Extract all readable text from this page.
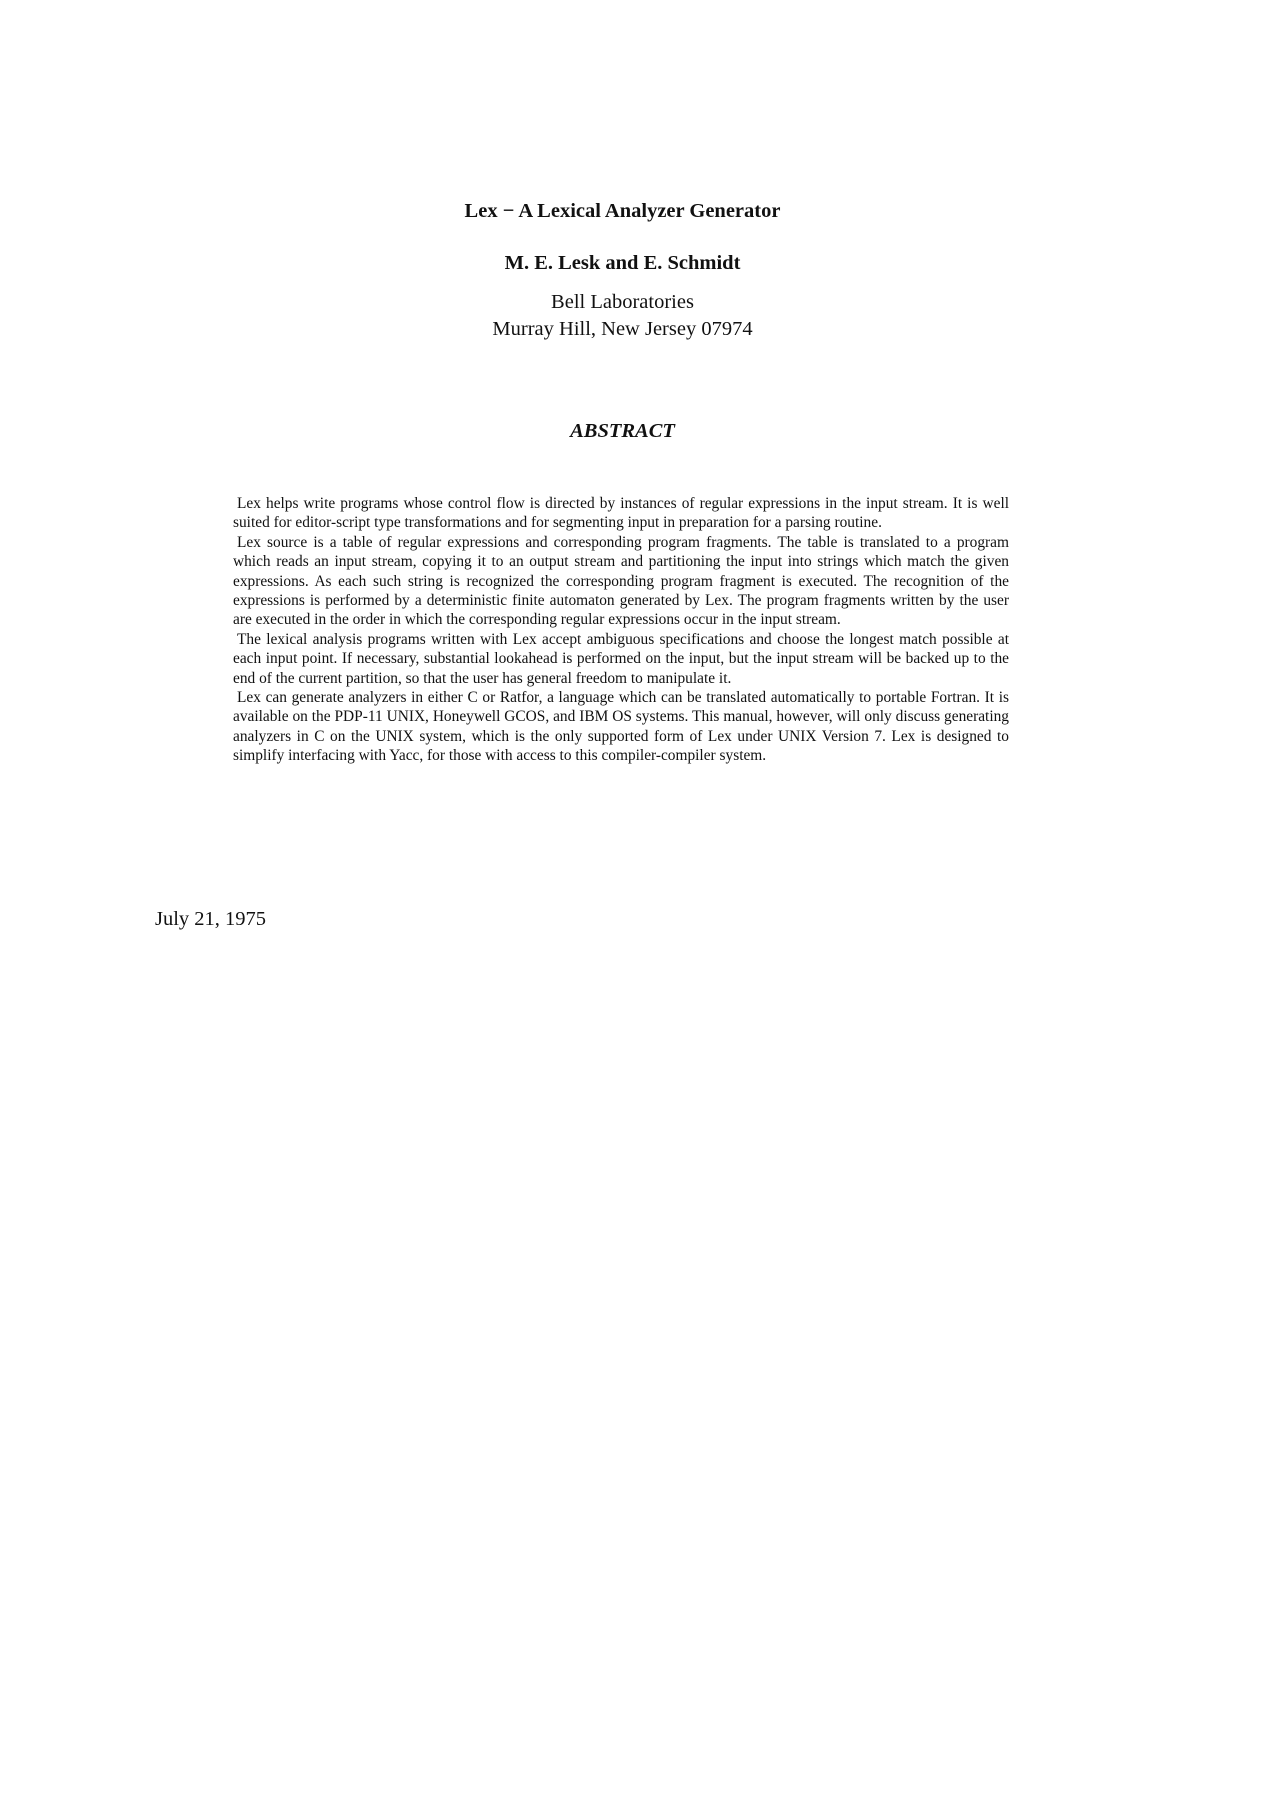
Lex − A Lexical Analyzer Generator
M. E. Lesk and E. Schmidt
Bell Laboratories
Murray Hill, New Jersey 07974
ABSTRACT

Lex helps write programs whose control flow is directed by instances of regular expressions in the input stream. It is well suited for editor-script type transformations and for segmenting input in preparation for a parsing routine.

Lex source is a table of regular expressions and corresponding program fragments. The table is translated to a program which reads an input stream, copying it to an output stream and partitioning the input into strings which match the given expressions. As each such string is recognized the corresponding program fragment is executed. The recognition of the expressions is performed by a deterministic finite automaton generated by Lex. The program fragments written by the user are executed in the order in which the corresponding regular expressions occur in the input stream.

The lexical analysis programs written with Lex accept ambiguous specifications and choose the longest match possible at each input point. If necessary, substantial lookahead is performed on the input, but the input stream will be backed up to the end of the current partition, so that the user has general freedom to manipulate it.

Lex can generate analyzers in either C or Ratfor, a language which can be translated automatically to portable Fortran. It is available on the PDP-11 UNIX, Honeywell GCOS, and IBM OS systems. This manual, however, will only discuss generating analyzers in C on the UNIX system, which is the only supported form of Lex under UNIX Version 7. Lex is designed to simplify interfacing with Yacc, for those with access to this compiler-compiler system.

July 21, 1975
